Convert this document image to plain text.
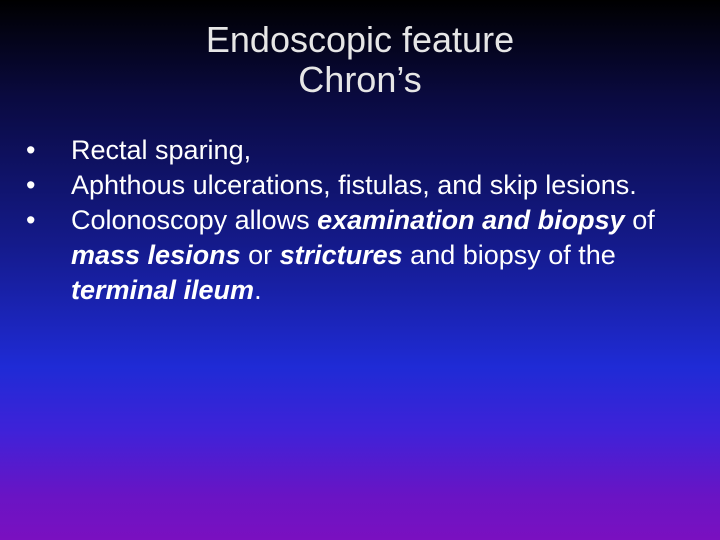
Endoscopic feature
Chron’s
•	Rectal sparing,
•	Aphthous ulcerations, fistulas, and skip lesions.
•	Colonoscopy allows examination and biopsy of mass lesions or strictures and biopsy of the terminal ileum.
